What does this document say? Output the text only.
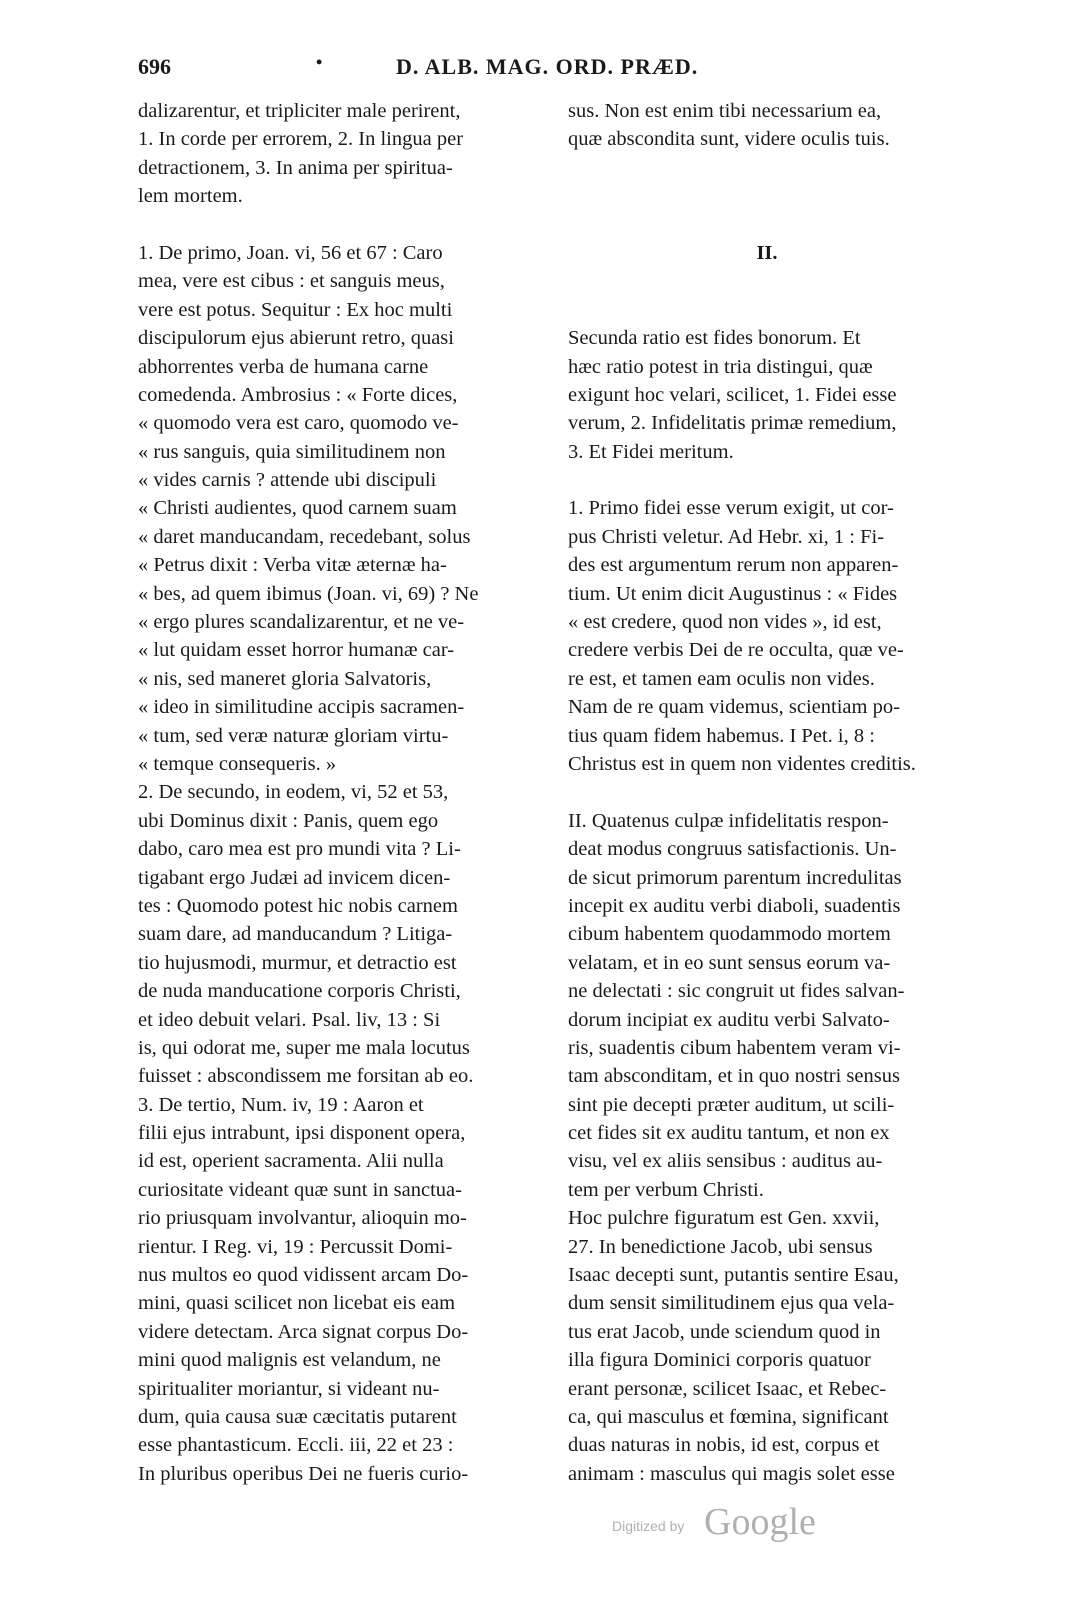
696	•	D. ALB. MAG. ORD. PRÆD.
dalizarentur, et tripliciter male perirent,
1. In corde per errorem, 2. In lingua per
detractionem, 3. In anima per spiritua-
lem mortem.
1. De primo, Joan. vi, 56 et 67 : Caro
mea, vere est cibus : et sanguis meus,
vere est potus. Sequitur : Ex hoc multi
discipulorum ejus abierunt retro, quasi
abhorrentes verba de humana carne
comedenda. Ambrosius : « Forte dices,
« quomodo vera est caro, quomodo ve-
« rus sanguis, quia similitudinem non
« vides carnis ? attende ubi discipuli
« Christi audientes, quod carnem suam
« daret manducandam, recedebant, solus
« Petrus dixit : Verba vitæ æternæ ha-
« bes, ad quem ibimus (Joan. vi, 69) ? Ne
« ergo plures scandalizarentur, et ne ve-
« lut quidam esset horror humanæ car-
« nis, sed maneret gloria Salvatoris,
« ideo in similitudine accipis sacramen-
« tum, sed veræ naturæ gloriam virtu-
« temque consequeris. »
2. De secundo, in eodem, vi, 52 et 53,
ubi Dominus dixit : Panis, quem ego
dabo, caro mea est pro mundi vita ? Li-
tigabant ergo Judæi ad invicem dicen-
tes : Quomodo potest hic nobis carnem
suam dare, ad manducandum ? Litiga-
tio hujusmodi, murmur, et detractio est
de nuda manducatione corporis Christi,
et ideo debuit velari. Psal. liv, 13 : Si
is, qui odorat me, super me mala locutus
fuisset : abscondissem me forsitan ab eo.
3. De tertio, Num. iv, 19 : Aaron et
filii ejus intrabunt, ipsi disponent opera,
id est, operient sacramenta. Alii nulla
curiositate videant quæ sunt in sanctua-
rio priusquam involvantur, alioquin mo-
rientur. I Reg. vi, 19 : Percussit Domi-
nus multos eo quod vidissent arcam Do-
mini, quasi scilicet non licebat eis eam
videre detectam. Arca signat corpus Do-
mini quod malignis est velandum, ne
spiritualiter moriantur, si videant nu-
dum, quia causa suæ cæcitatis putarent
esse phantasticum. Eccli. iii, 22 et 23 :
In pluribus operibus Dei ne fueris curio-
sus. Non est enim tibi necessarium ea,
quæ abscondita sunt, videre oculis tuis.
II.
Secunda ratio est fides bonorum. Et
hæc ratio potest in tria distingui, quæ
exigunt hoc velari, scilicet, 1. Fidei esse
verum, 2. Infidelitatis primæ remedium,
3. Et Fidei meritum.
1. Primo fidei esse verum exigit, ut cor-
pus Christi veletur. Ad Hebr. xi, 1 : Fi-
des est argumentum rerum non apparen-
tium. Ut enim dicit Augustinus : « Fides
« est credere, quod non vides », id est,
credere verbis Dei de re occulta, quæ ve-
re est, et tamen eam oculis non vides.
Nam de re quam videmus, scientiam po-
tius quam fidem habemus. I Pet. i, 8 :
Christus est in quem non videntes creditis.
II. Quatenus culpæ infidelitatis respon-
deat modus congruus satisfactionis. Un-
de sicut primorum parentum incredulitas
incepit ex auditu verbi diaboli, suadentis
cibum habentem quodammodo mortem
velatam, et in eo sunt sensus eorum va-
ne delectati : sic congruit ut fides salvan-
dorum incipiat ex auditu verbi Salvato-
ris, suadentis cibum habentem veram vi-
tam absconditam, et in quo nostri sensus
sint pie decepti præter auditum, ut scili-
cet fides sit ex auditu tantum, et non ex
visu, vel ex aliis sensibus : auditus au-
tem per verbum Christi.
Hoc pulchre figuratum est Gen. xxvii,
27. In benedictione Jacob, ubi sensus
Isaac decepti sunt, putantis sentire Esau,
dum sensit similitudinem ejus qua vela-
tus erat Jacob, unde sciendum quod in
illa figura Dominici corporis quatuor
erant personæ, scilicet Isaac, et Rebec-
ca, qui masculus et fœmina, significant
duas naturas in nobis, id est, corpus et
animam : masculus qui magis solet esse
Digitized by Google
